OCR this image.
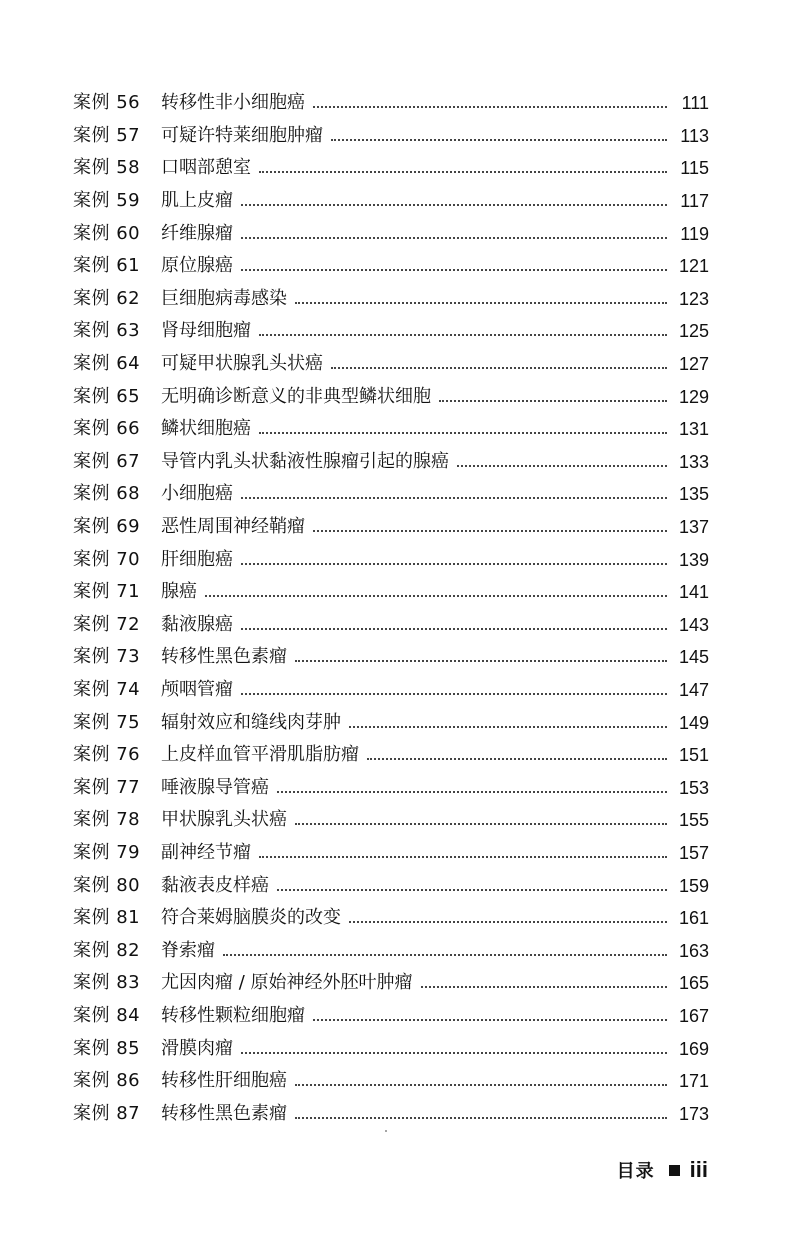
案例 56	转移性非小细胞癌	111
案例 57	可疑许特莱细胞肿瘤	113
案例 58	口咽部憩室	115
案例 59	肌上皮瘤	117
案例 60	纤维腺瘤	119
案例 61	原位腺癌	121
案例 62	巨细胞病毒感染	123
案例 63	肾母细胞瘤	125
案例 64	可疑甲状腺乳头状癌	127
案例 65	无明确诊断意义的非典型鳞状细胞	129
案例 66	鳞状细胞癌	131
案例 67	导管内乳头状黏液性腺瘤引起的腺癌	133
案例 68	小细胞癌	135
案例 69	恶性周围神经鞘瘤	137
案例 70	肝细胞癌	139
案例 71	腺癌	141
案例 72	黏液腺癌	143
案例 73	转移性黑色素瘤	145
案例 74	颅咽管瘤	147
案例 75	辐射效应和缝线肉芽肿	149
案例 76	上皮样血管平滑肌脂肪瘤	151
案例 77	唾液腺导管癌	153
案例 78	甲状腺乳头状癌	155
案例 79	副神经节瘤	157
案例 80	黏液表皮样癌	159
案例 81	符合莱姆脑膜炎的改变	161
案例 82	脊索瘤	163
案例 83	尤因肉瘤 / 原始神经外胚叶肿瘤	165
案例 84	转移性颗粒细胞瘤	167
案例 85	滑膜肉瘤	169
案例 86	转移性肝细胞癌	171
案例 87	转移性黑色素瘤	173
目录 iii
